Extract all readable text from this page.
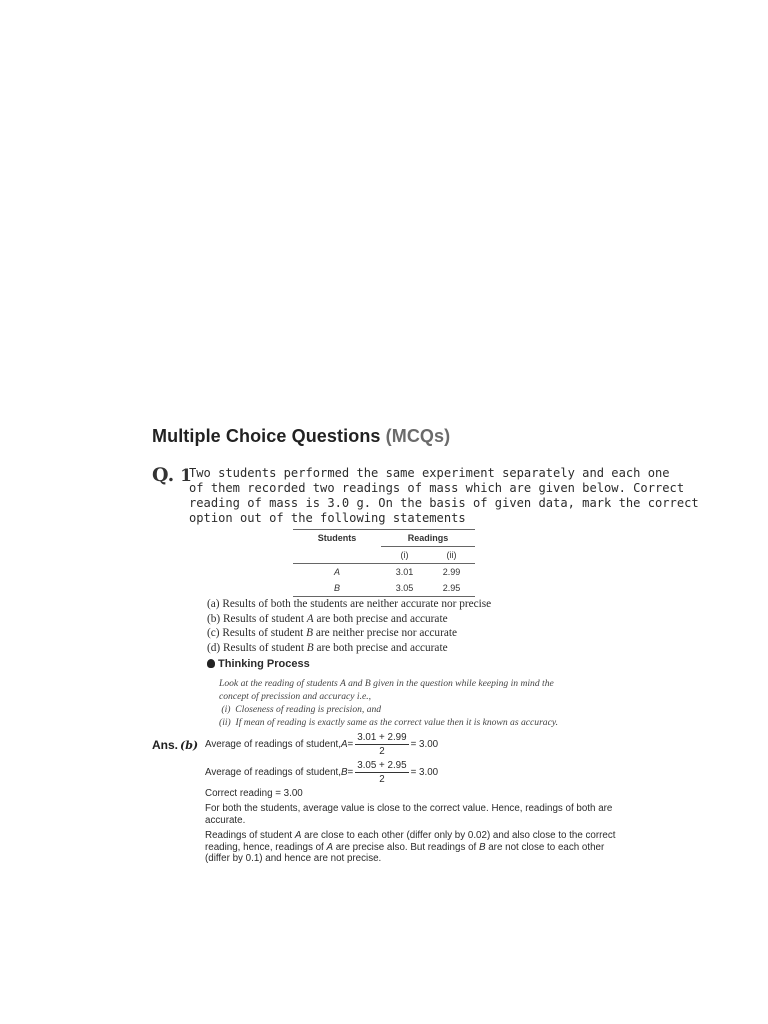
Multiple Choice Questions (MCQs)
Q. 1
Two students performed the same experiment separately and each one
of them recorded two readings of mass which are given below. Correct
reading of mass is 3.0 g. On the basis of given data, mark the correct
option out of the following statements
Students	Readings	
	(i)	(ii)
A	3.01	2.99
B	3.05	2.95
(a) Results of both the students are neither accurate nor precise
(b) Results of student A are both precise and accurate
(c) Results of student B are neither precise nor accurate
(d) Results of student B are both precise and accurate
Thinking Process
Look at the reading of students A and B given in the question while keeping in mind the
concept of precission and accuracy i.e.,
(i)  Closeness of reading is precision, and
(ii)  If mean of reading is exactly same as the correct value then it is known as accuracy.
Ans. (b) Average of readings of student, $A = \frac{3.01 + 2.99}{2} = 3.00$
Average of readings of student, $B = \frac{3.05 + 2.95}{2} = 3.00$
Correct reading = 3.00
For both the students, average value is close to the correct value. Hence, readings of both are accurate.
Readings of student A are close to each other (differ only by 0.02) and also close to the correct reading, hence, readings of A are precise also. But readings of B are not close to each other (differ by 0.1) and hence are not precise.
